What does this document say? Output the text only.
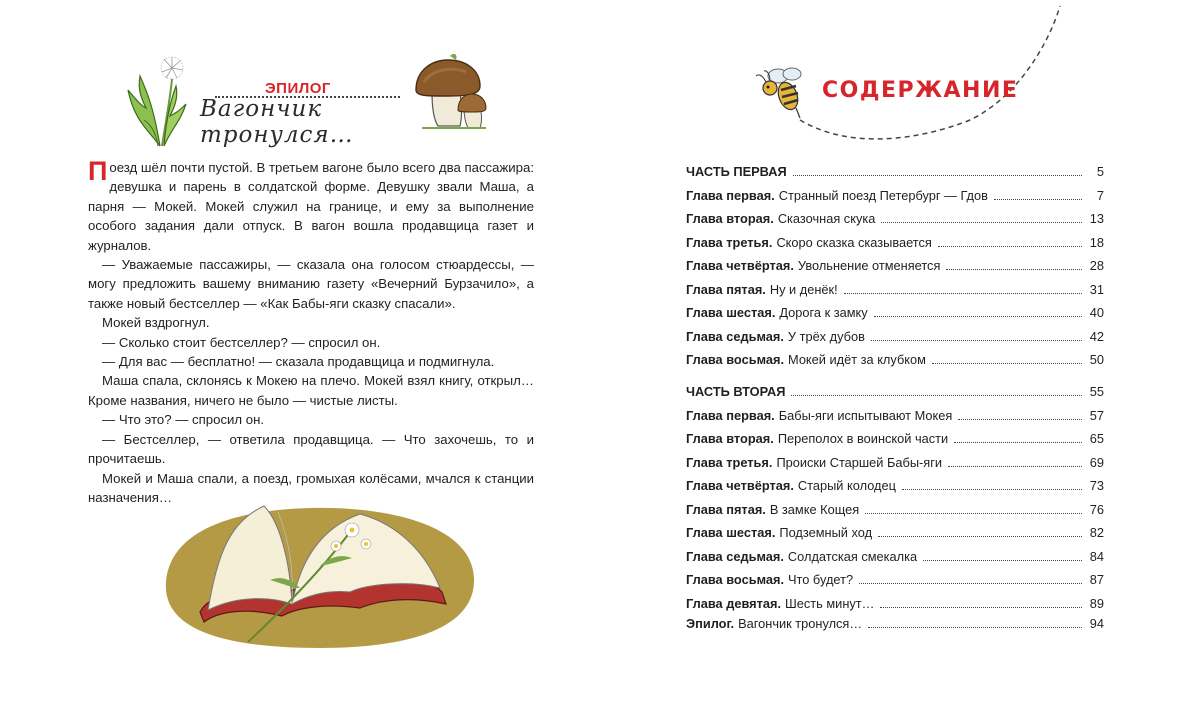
ЭПИЛОГ
Вагончик тронулся…

Поезд шёл почти пустой. В третьем вагоне было всего два пассажира: девушка и парень в солдатской форме. Девушку звали Маша, а парня — Мокей. Мокей служил на границе, и ему за выполнение особого задания дали отпуск. В вагон вошла продавщица газет и журналов.

— Уважаемые пассажиры, — сказала она голосом стюардессы, — могу предложить вашему вниманию газету «Вечерний Бурзачило», а также новый бестселлер — «Как Бабы-яги сказку спасали».

Мокей вздрогнул.

— Сколько стоит бестселлер? — спросил он.

— Для вас — бесплатно! — сказала продавщица и подмигнула.

Маша спала, склонясь к Мокею на плечо. Мокей взял книгу, открыл… Кроме названия, ничего не было — чистые листы.

— Что это? — спросил он.

— Бестселлер, — ответила продавщица. — Что захочешь, то и прочитаешь.

Мокей и Маша спали, а поезд, громыхая колёсами, мчался к станции назначения…

СОДЕРЖАНИЕ
ЧАСТЬ ПЕРВАЯ	5
Глава первая. Странный поезд Петербург — Гдов	7
Глава вторая. Сказочная скука	13
Глава третья. Скоро сказка сказывается	18
Глава четвёртая. Увольнение отменяется	28
Глава пятая. Ну и денёк!	31
Глава шестая. Дорога к замку	40
Глава седьмая. У трёх дубов	42
Глава восьмая. Мокей идёт за клубком	50
ЧАСТЬ ВТОРАЯ	55
Глава первая. Бабы-яги испытывают Мокея	57
Глава вторая. Переполох в воинской части	65
Глава третья. Происки Старшей Бабы-яги	69
Глава четвёртая. Старый колодец	73
Глава пятая. В замке Кощея	76
Глава шестая. Подземный ход	82
Глава седьмая. Солдатская смекалка	84
Глава восьмая. Что будет?	87
Глава девятая. Шесть минут…	89
Эпилог. Вагончик тронулся…	94
